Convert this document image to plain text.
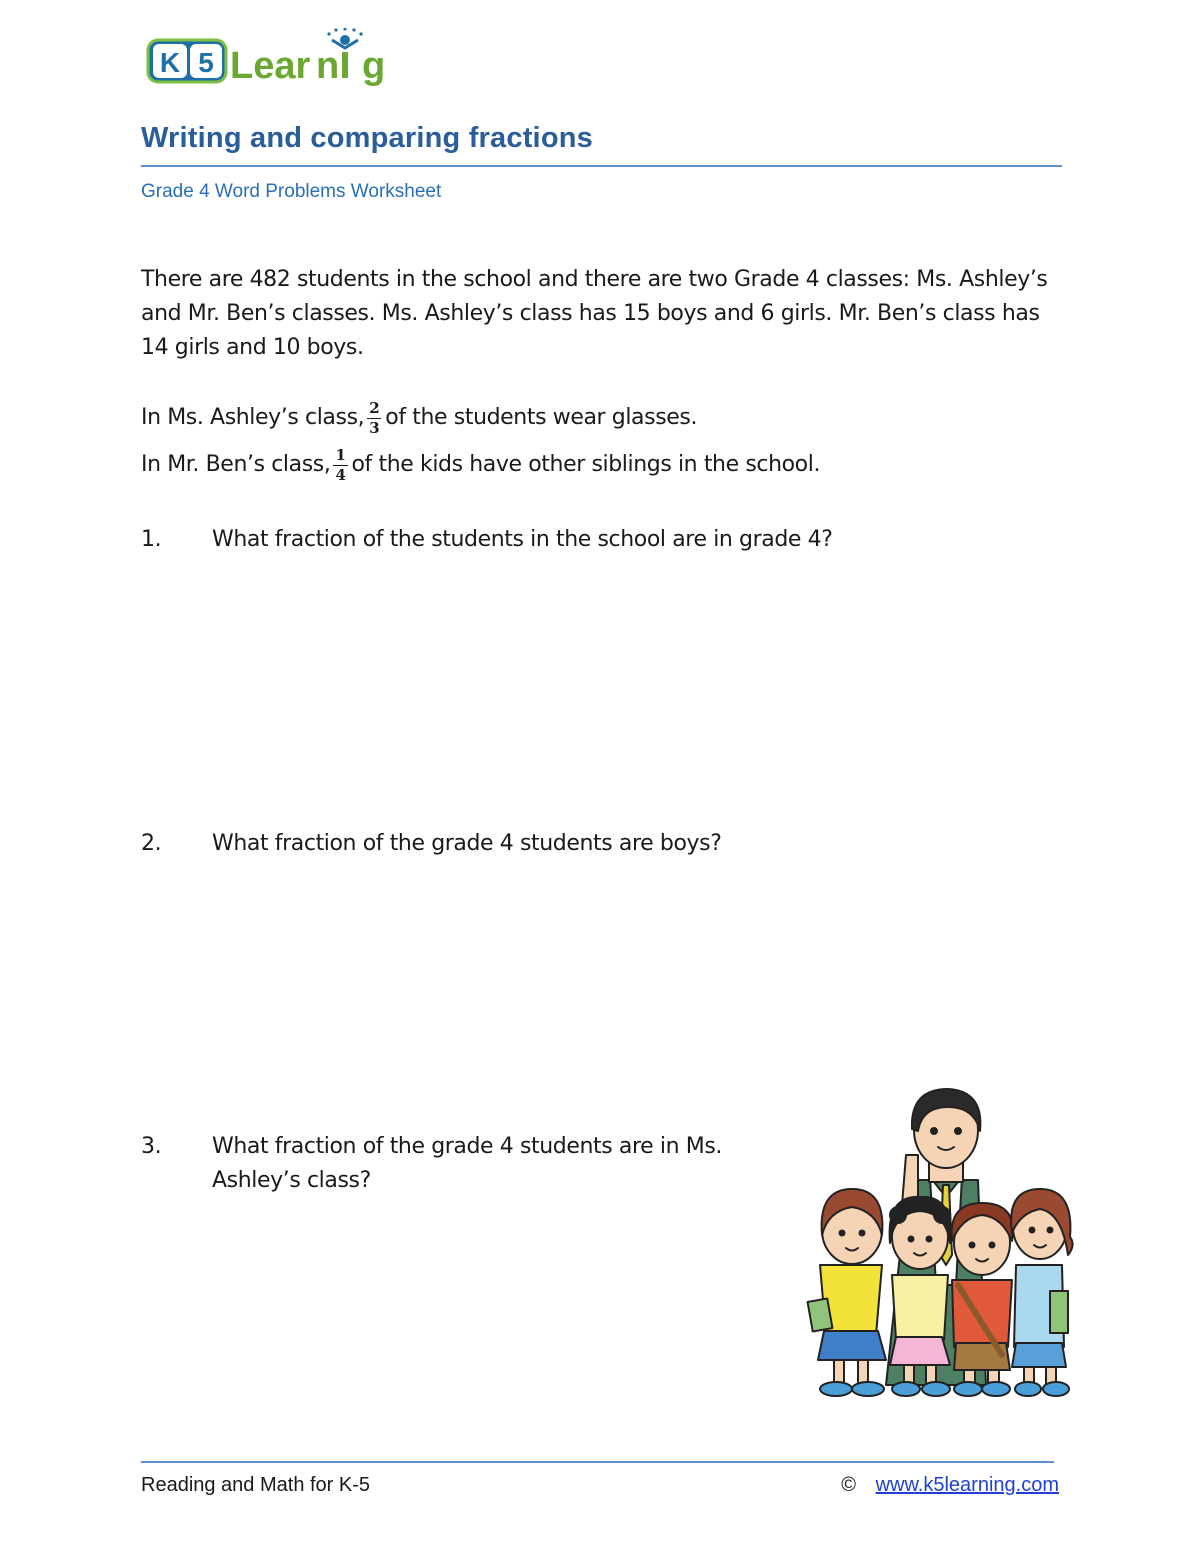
K 5 Lear n g
Writing and comparing fractions
Grade 4 Word Problems Worksheet

There are 482 students in the school and there are two Grade 4 classes: Ms. Ashley’s and Mr. Ben’s classes. Ms. Ashley’s class has 15 boys and 6 girls. Mr. Ben’s class has 14 girls and 10 boys.

In Ms. Ashley’s class, $\frac{2}{3}$ of the students wear glasses.
In Mr. Ben’s class, $\frac{1}{4}$ of the kids have other siblings in the school.
1.	What fraction of the students in the school are in grade 4?
2.	What fraction of the grade 4 students are boys?
3.	What fraction of the grade 4 students are in Ms. Ashley’s class?
Reading and Math for K-5	© www.k5learning.com
